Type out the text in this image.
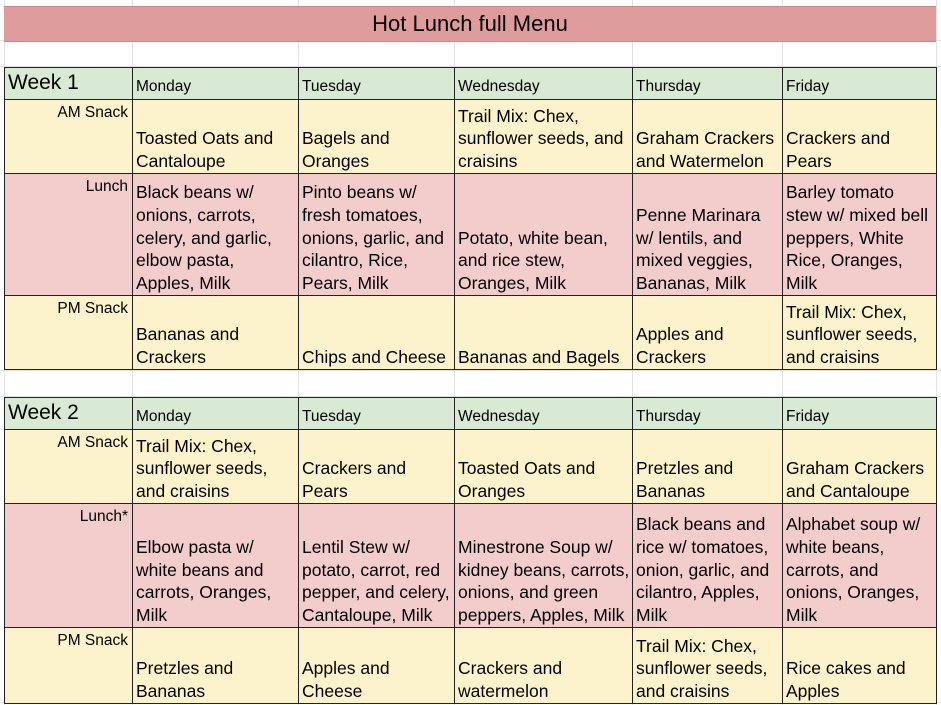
Hot Lunch full Menu
Week 1	Monday	Tuesday	Wednesday	Thursday	Friday
AM Snack	Toasted Oats and Cantaloupe	Bagels and Oranges	Trail Mix: Chex, sunflower seeds, and craisins	Graham Crackers and Watermelon	Crackers and Pears
Lunch	Black beans w/ onions, carrots, celery, and garlic, elbow pasta, Apples, Milk	Pinto beans w/ fresh tomatoes, onions, garlic, and cilantro, Rice, Pears, Milk	Potato, white bean, and rice stew, Oranges, Milk	Penne Marinara w/ lentils, and mixed veggies, Bananas, Milk	Barley tomato stew w/ mixed bell peppers, White Rice, Oranges, Milk
PM Snack	Bananas and Crackers	Chips and Cheese	Bananas and Bagels	Apples and Crackers	Trail Mix: Chex, sunflower seeds, and craisins
Week 2	Monday	Tuesday	Wednesday	Thursday	Friday
AM Snack	Trail Mix: Chex, sunflower seeds, and craisins	Crackers and Pears	Toasted Oats and Oranges	Pretzles and Bananas	Graham Crackers and Cantaloupe
Lunch*	Elbow pasta w/ white beans and carrots, Oranges, Milk	Lentil Stew w/ potato, carrot, red pepper, and celery, Cantaloupe, Milk	Minestrone Soup w/ kidney beans, carrots, onions, and green peppers, Apples, Milk	Black beans and rice w/ tomatoes, onion, garlic, and cilantro, Apples, Milk	Alphabet soup w/ white beans, carrots, and onions, Oranges, Milk
PM Snack	Pretzles and Bananas	Apples and Cheese	Crackers and watermelon	Trail Mix: Chex, sunflower seeds, and craisins	Rice cakes and Apples
